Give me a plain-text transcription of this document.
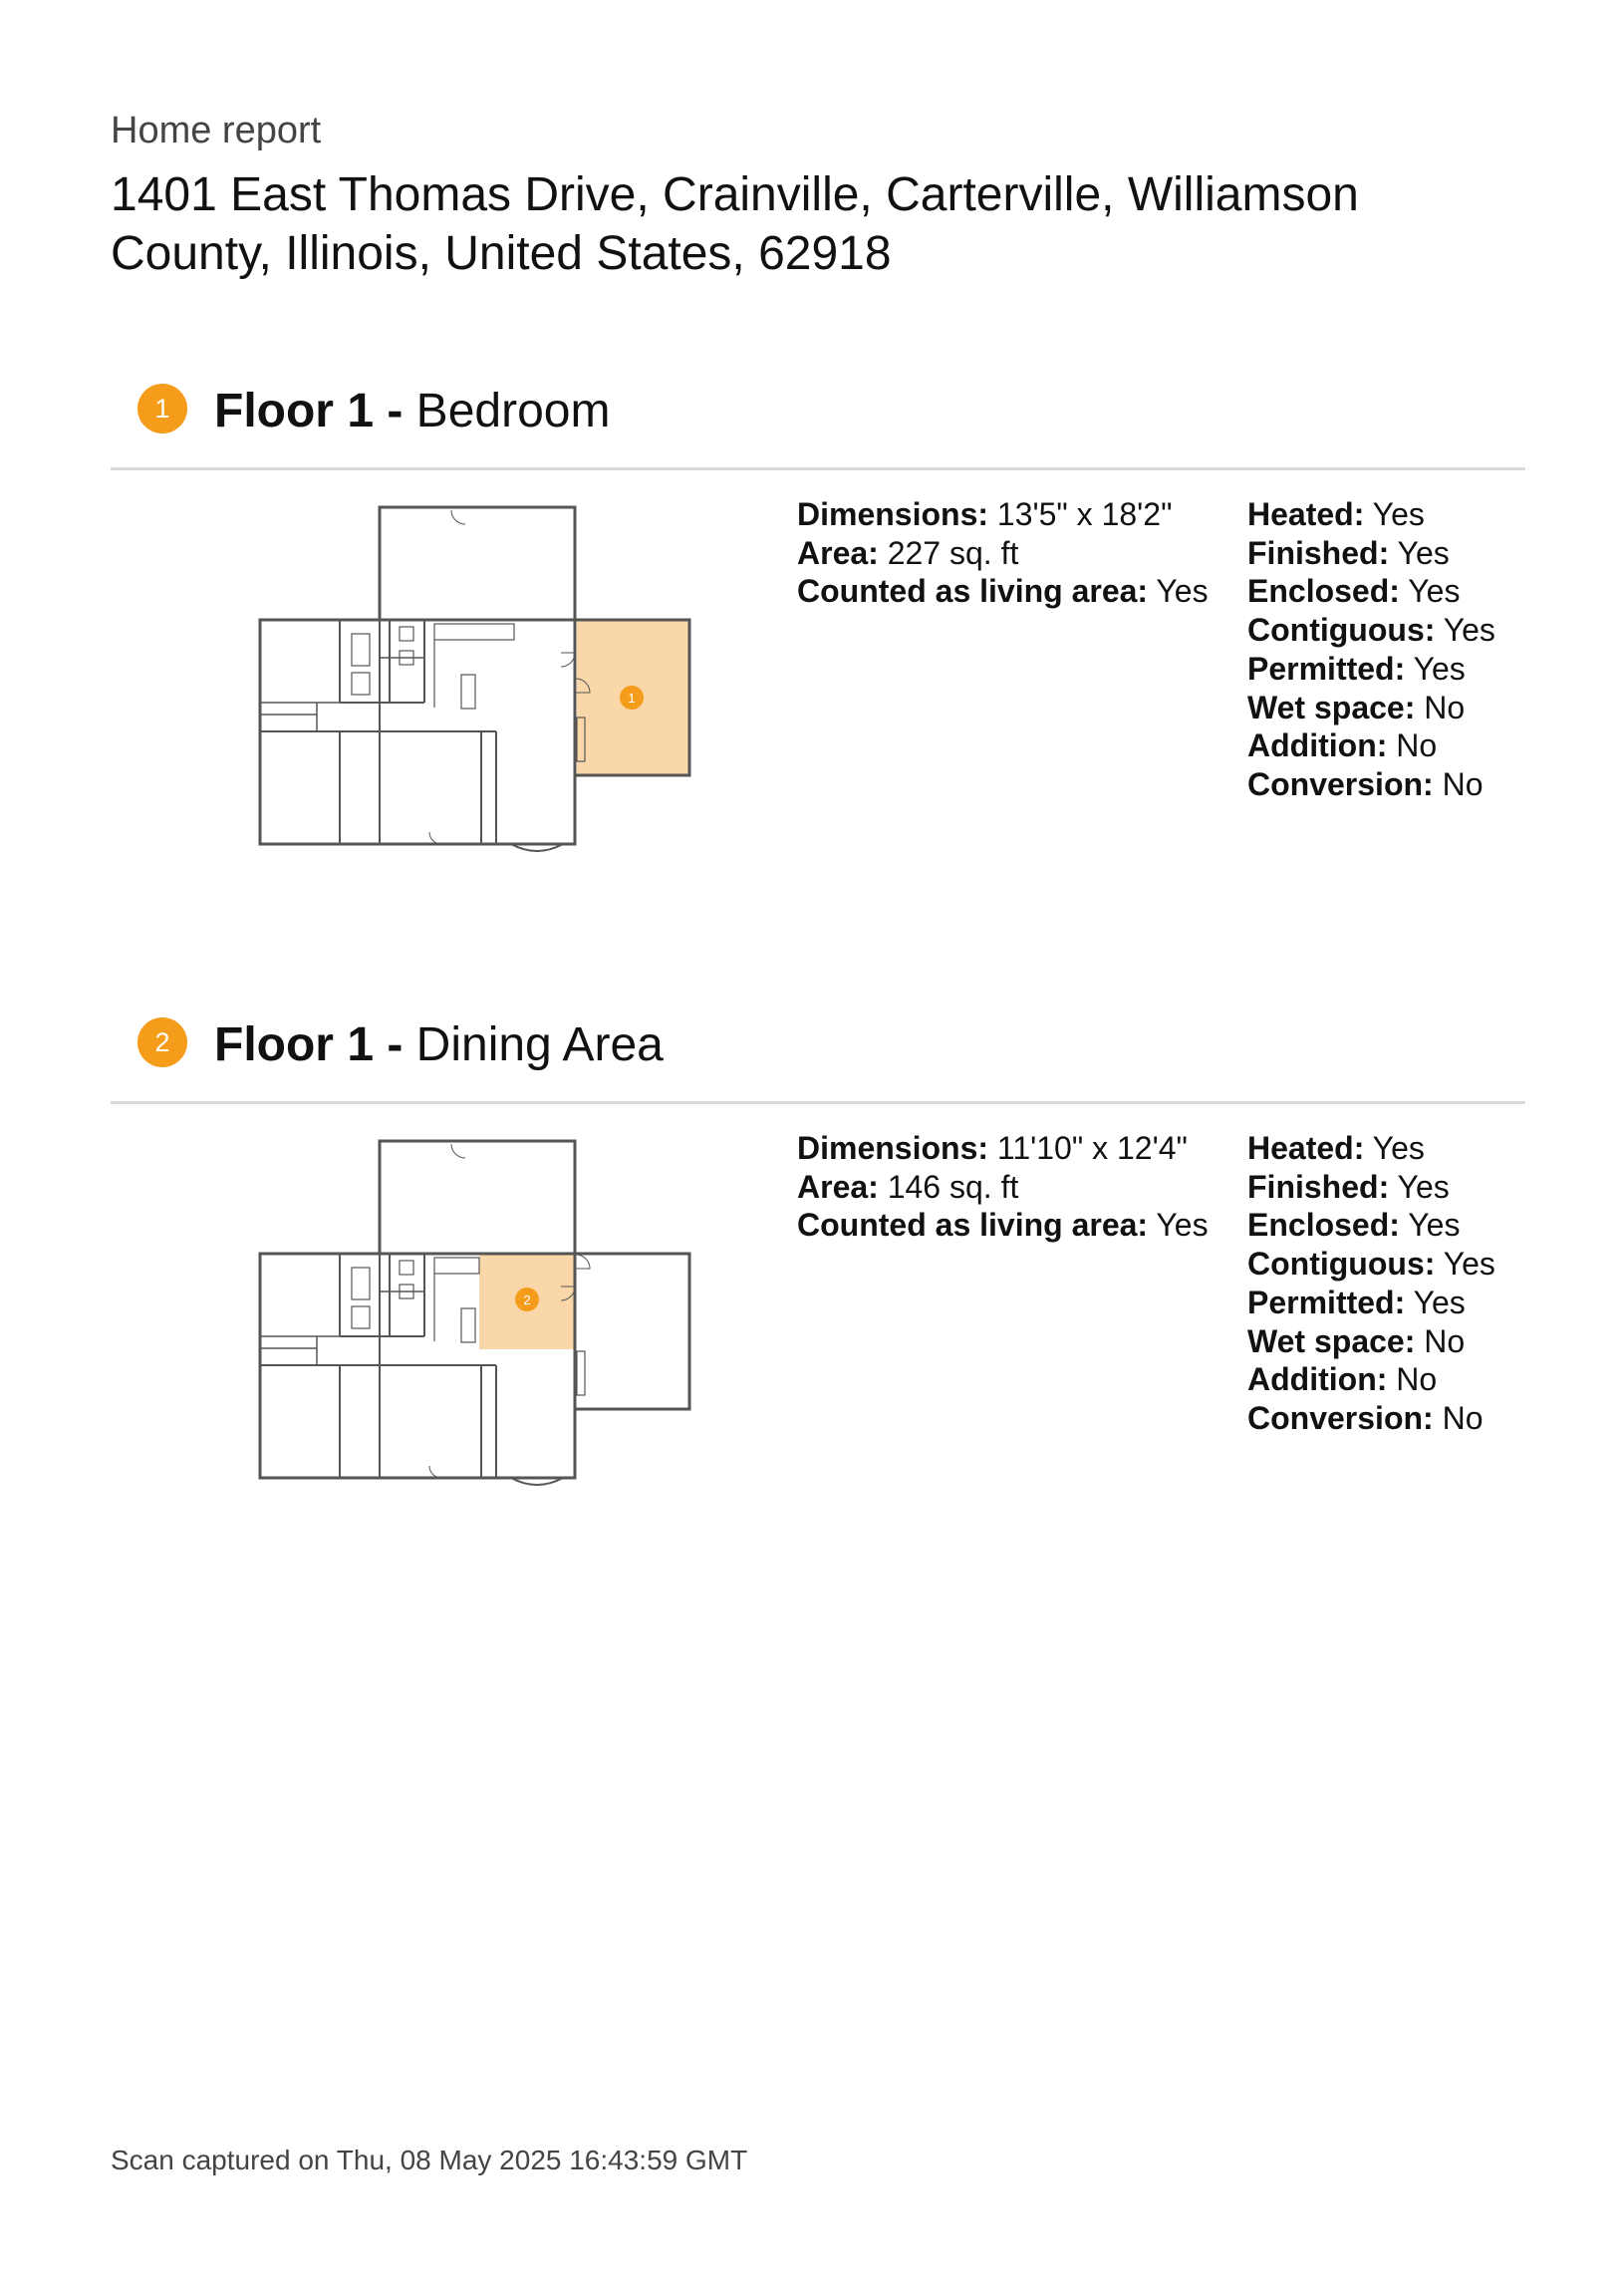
Home report
1401 East Thomas Drive, Crainville, Carterville, Williamson County, Illinois, United States, 62918
1 Floor 1 - Bedroom
1
Dimensions: 13'5" x 18'2"
Area: 227 sq. ft
Counted as living area: Yes
Heated: Yes
Finished: Yes
Enclosed: Yes
Contiguous: Yes
Permitted: Yes
Wet space: No
Addition: No
Conversion: No
2 Floor 1 - Dining Area
2
Dimensions: 11'10" x 12'4"
Area: 146 sq. ft
Counted as living area: Yes
Heated: Yes
Finished: Yes
Enclosed: Yes
Contiguous: Yes
Permitted: Yes
Wet space: No
Addition: No
Conversion: No
Scan captured on Thu, 08 May 2025 16:43:59 GMT
